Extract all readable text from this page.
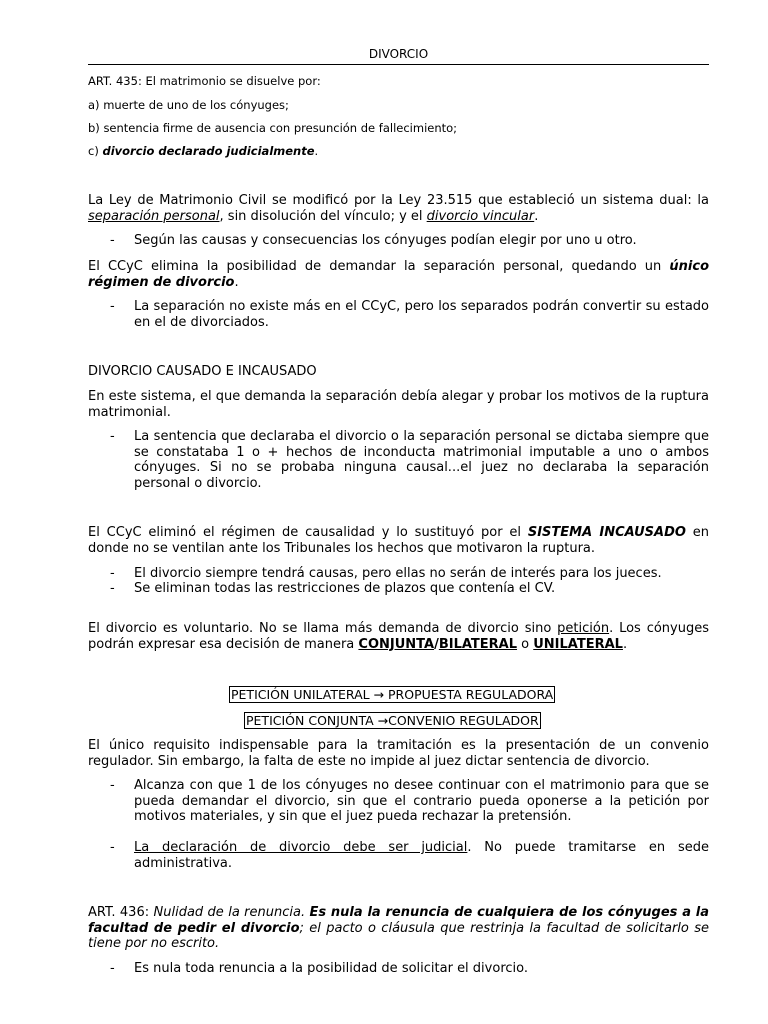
DIVORCIO

ART. 435: El matrimonio se disuelve por:

a) muerte de uno de los cónyuges;

b) sentencia firme de ausencia con presunción de fallecimiento;

c) divorcio declarado judicialmente.

La Ley de Matrimonio Civil se modificó por la Ley 23.515 que estableció un sistema dual: la separación personal, sin disolución del vínculo; y el divorcio vincular.

-	Según las causas y consecuencias los cónyuges podían elegir por uno u otro.

El CCyC elimina la posibilidad de demandar la separación personal, quedando un único régimen de divorcio.

-	La separación no existe más en el CCyC, pero los separados podrán convertir su estado en el de divorciados.

DIVORCIO CAUSADO E INCAUSADO

En este sistema, el que demanda la separación debía alegar y probar los motivos de la ruptura matrimonial.

-	La sentencia que declaraba el divorcio o la separación personal se dictaba siempre que se constataba 1 o + hechos de inconducta matrimonial imputable a uno o ambos cónyuges. Si no se probaba ninguna causal...el juez no declaraba la separación personal o divorcio.

El CCyC eliminó el régimen de causalidad y lo sustituyó por el SISTEMA INCAUSADO en donde no se ventilan ante los Tribunales los hechos que motivaron la ruptura.

-	El divorcio siempre tendrá causas, pero ellas no serán de interés para los jueces.
-	Se eliminan todas las restricciones de plazos que contenía el CV.

El divorcio es voluntario. No se llama más demanda de divorcio sino petición. Los cónyuges podrán expresar esa decisión de manera CONJUNTA/BILATERAL o UNILATERAL.

PETICIÓN UNILATERAL → PROPUESTA REGULADORA
PETICIÓN CONJUNTA →CONVENIO REGULADOR

El único requisito indispensable para la tramitación es la presentación de un convenio regulador. Sin embargo, la falta de este no impide al juez dictar sentencia de divorcio.

-	Alcanza con que 1 de los cónyuges no desee continuar con el matrimonio para que se pueda demandar el divorcio, sin que el contrario pueda oponerse a la petición por motivos materiales, y sin que el juez pueda rechazar la pretensión.
-	La declaración de divorcio debe ser judicial. No puede tramitarse en sede administrativa.

ART. 436: Nulidad de la renuncia. Es nula la renuncia de cualquiera de los cónyuges a la facultad de pedir el divorcio; el pacto o cláusula que restrinja la facultad de solicitarlo se tiene por no escrito.

-	Es nula toda renuncia a la posibilidad de solicitar el divorcio.
